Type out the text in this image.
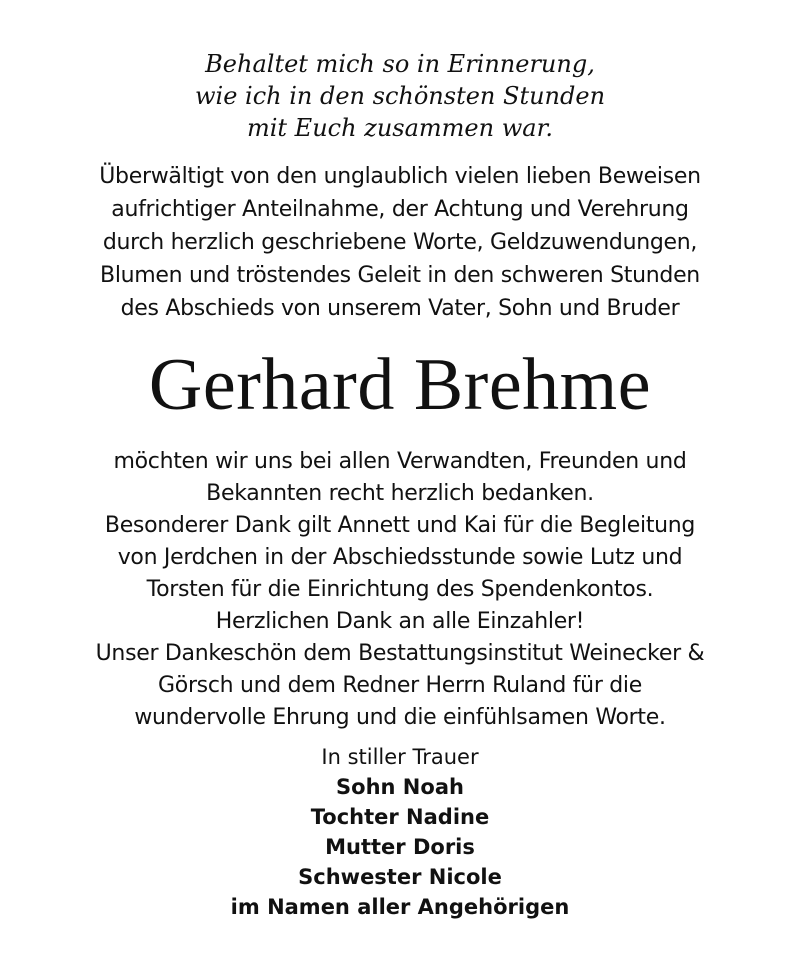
Behaltet mich so in Erinnerung,
wie ich in den schönsten Stunden
mit Euch zusammen war.
Überwältigt von den unglaublich vielen lieben Beweisen
aufrichtiger Anteilnahme, der Achtung und Verehrung
durch herzlich geschriebene Worte, Geldzuwendungen,
Blumen und tröstendes Geleit in den schweren Stunden
des Abschieds von unserem Vater, Sohn und Bruder
Gerhard Brehme
möchten wir uns bei allen Verwandten, Freunden und
Bekannten recht herzlich bedanken.
Besonderer Dank gilt Annett und Kai für die Begleitung
von Jerdchen in der Abschiedsstunde sowie Lutz und
Torsten für die Einrichtung des Spendenkontos.
Herzlichen Dank an alle Einzahler!
Unser Dankeschön dem Bestattungsinstitut Weinecker &
Görsch und dem Redner Herrn Ruland für die
wundervolle Ehrung und die einfühlsamen Worte.
In stiller Trauer
Sohn Noah
Tochter Nadine
Mutter Doris
Schwester Nicole
im Namen aller Angehörigen
